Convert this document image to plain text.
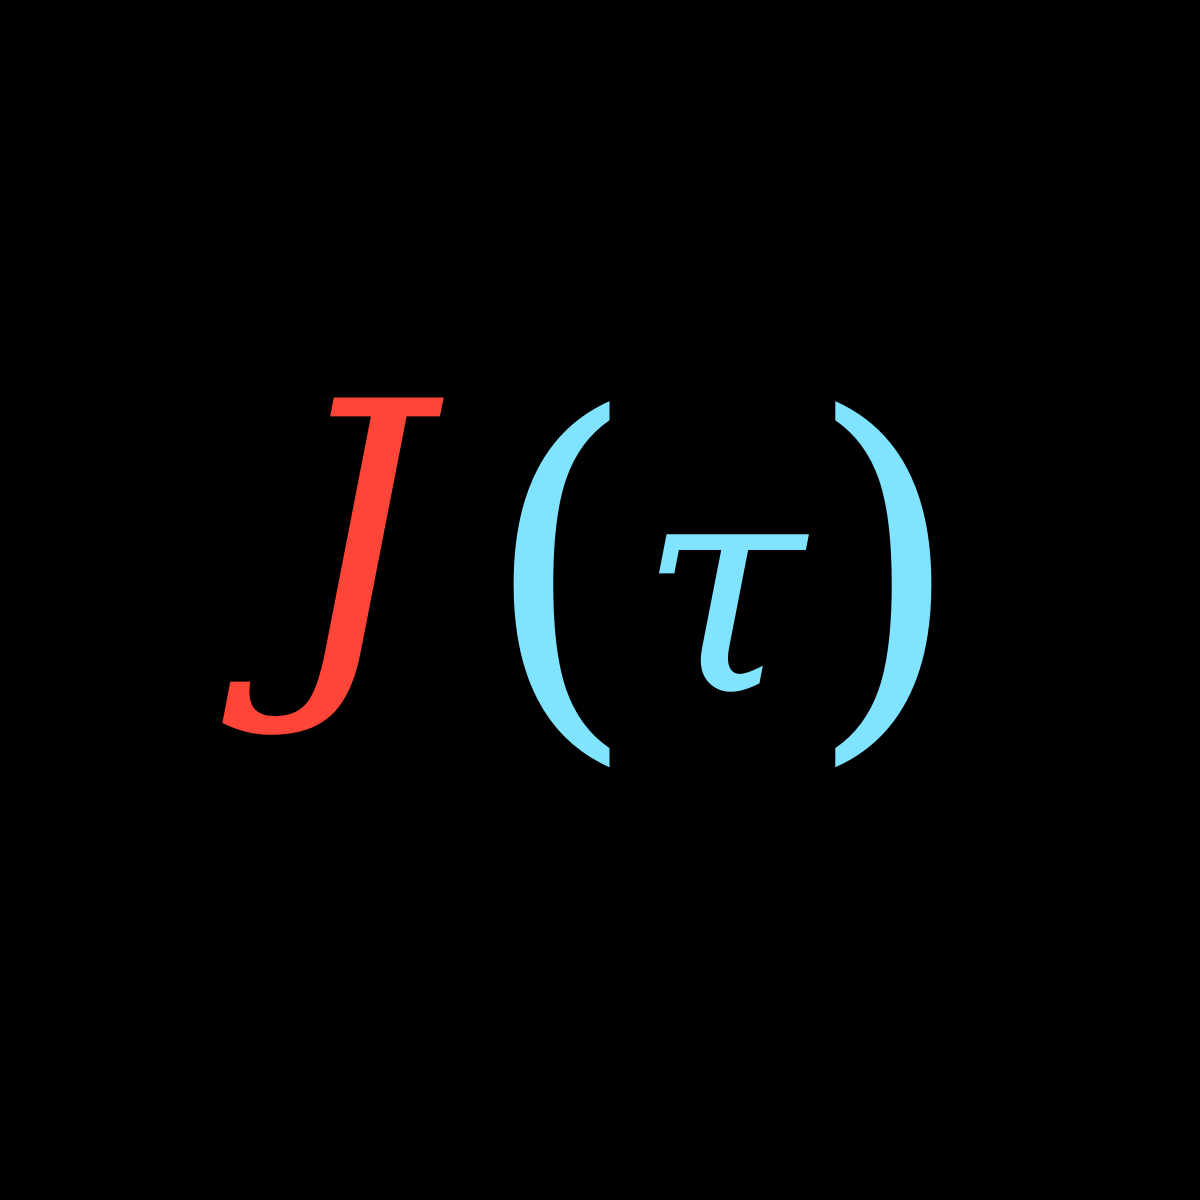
J ( τ )
